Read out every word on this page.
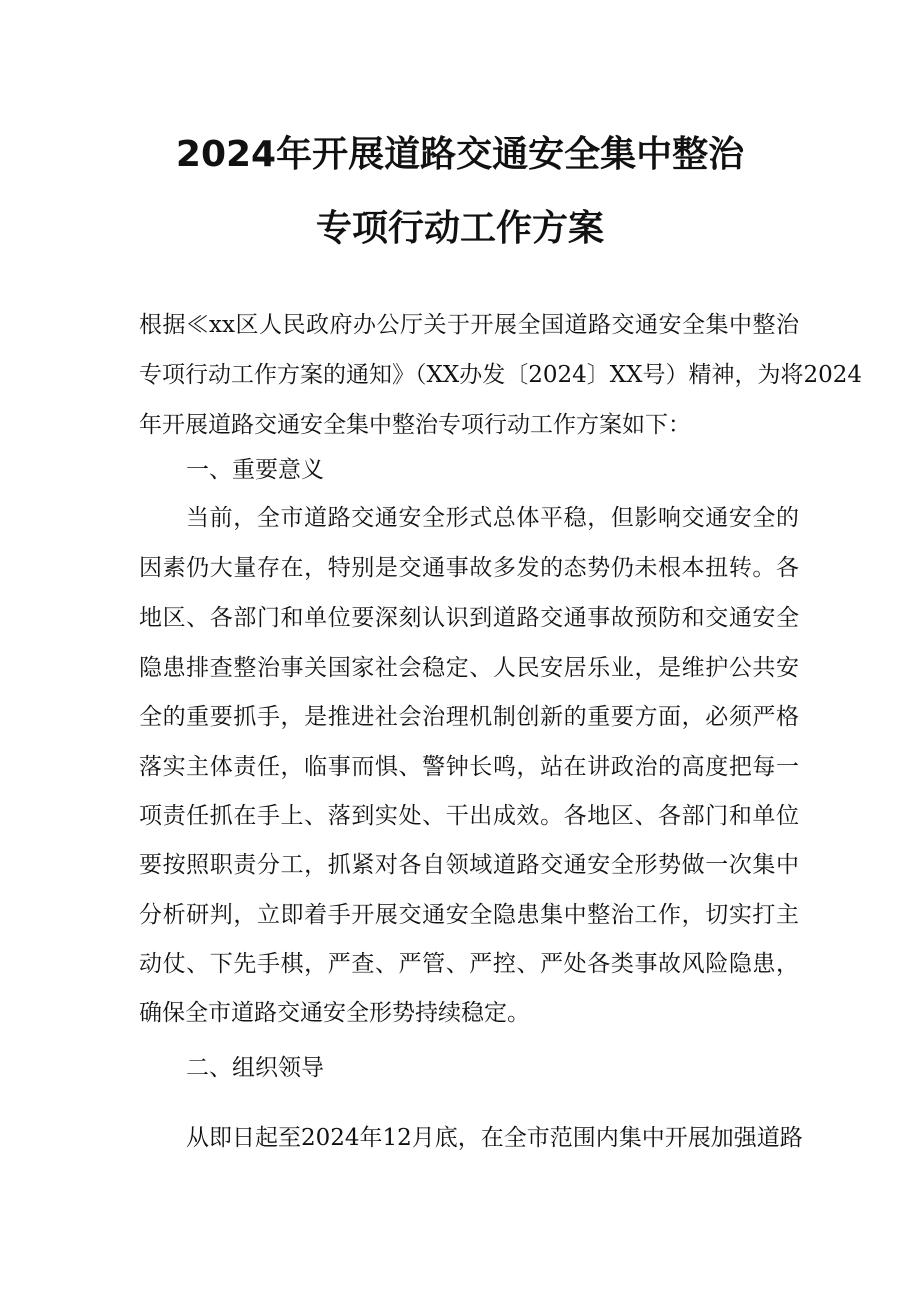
2024年开展道路交通安全集中整治
专项行动工作方案
根据≪xx区人民政府办公厅关于开展全国道路交通安全集中整治
专项行动工作方案的通知》（XX办发〔2024〕XX号）精神，为将2024
年开展道路交通安全集中整治专项行动工作方案如下：
一、重要意义
当前，全市道路交通安全形式总体平稳，但影响交通安全的
因素仍大量存在，特别是交通事故多发的态势仍未根本扭转。各
地区、各部门和单位要深刻认识到道路交通事故预防和交通安全
隐患排查整治事关国家社会稳定、人民安居乐业，是维护公共安
全的重要抓手，是推进社会治理机制创新的重要方面，必须严格
落实主体责任，临事而惧、警钟长鸣，站在讲政治的高度把每一
项责任抓在手上、落到实处、干出成效。各地区、各部门和单位
要按照职责分工，抓紧对各自领域道路交通安全形势做一次集中
分析研判，立即着手开展交通安全隐患集中整治工作，切实打主
动仗、下先手棋，严查、严管、严控、严处各类事故风险隐患，
确保全市道路交通安全形势持续稳定。
二、组织领导
从即日起至2024年12月底，在全市范围内集中开展加强道路
